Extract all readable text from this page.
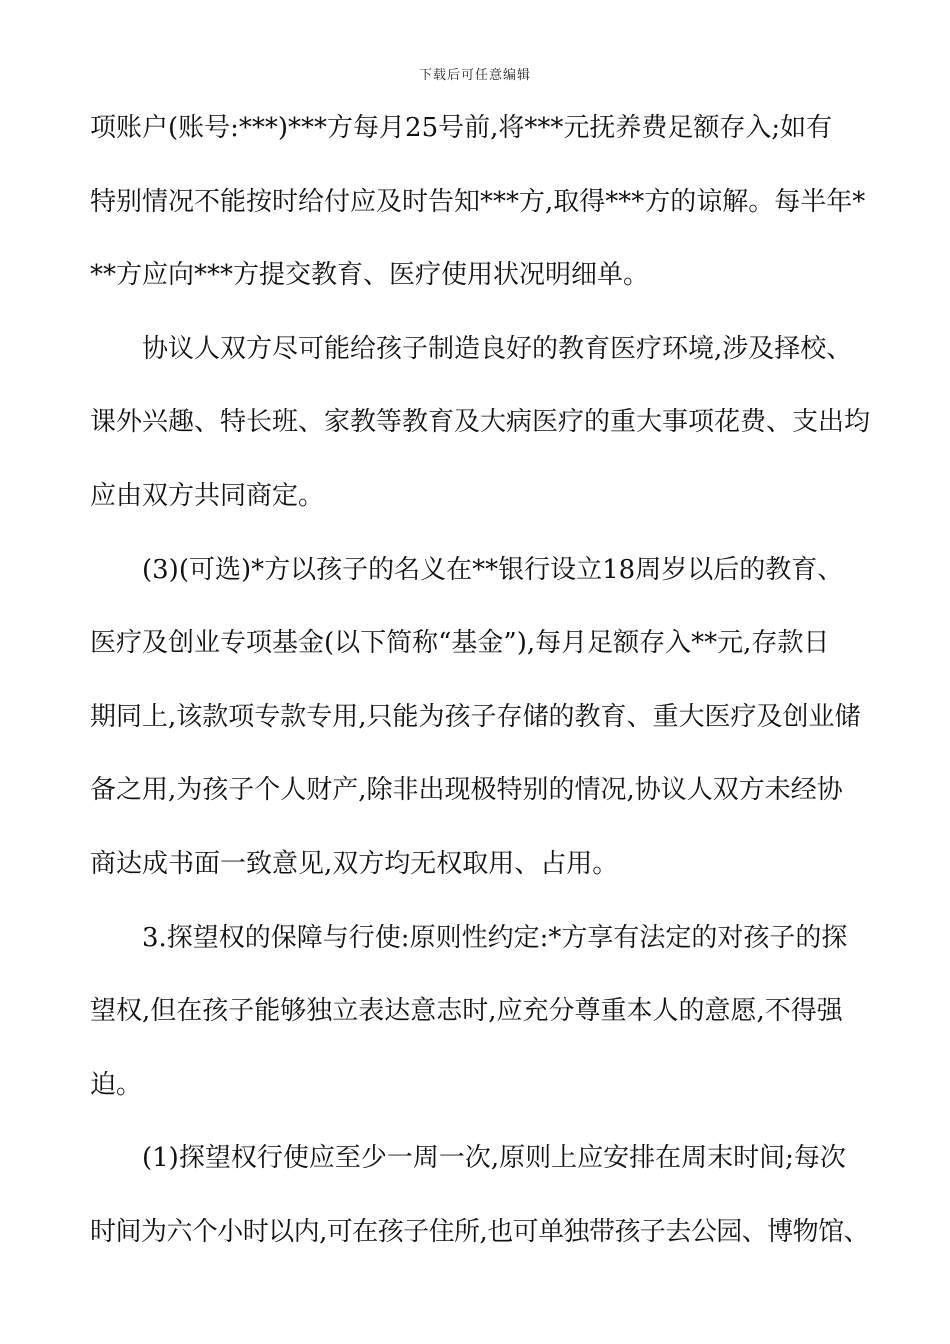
下载后可任意编辑
项账户(账号:***)***方每月25号前,将***元抚养费足额存入;如有
特别情况不能按时给付应及时告知***方,取得***方的谅解。每半年*
**方应向***方提交教育、医疗使用状况明细单。
协议人双方尽可能给孩子制造良好的教育医疗环境,涉及择校、
课外兴趣、特长班、家教等教育及大病医疗的重大事项花费、支出均
应由双方共同商定。
(3)(可选)*方以孩子的名义在**银行设立18周岁以后的教育、
医疗及创业专项基金(以下简称“基金”),每月足额存入**元,存款日
期同上,该款项专款专用,只能为孩子存储的教育、重大医疗及创业储
备之用,为孩子个人财产,除非出现极特别的情况,协议人双方未经协
商达成书面一致意见,双方均无权取用、占用。
3.探望权的保障与行使:原则性约定:*方享有法定的对孩子的探
望权,但在孩子能够独立表达意志时,应充分尊重本人的意愿,不得强
迫。
(1)探望权行使应至少一周一次,原则上应安排在周末时间;每次
时间为六个小时以内,可在孩子住所,也可单独带孩子去公园、博物馆、
